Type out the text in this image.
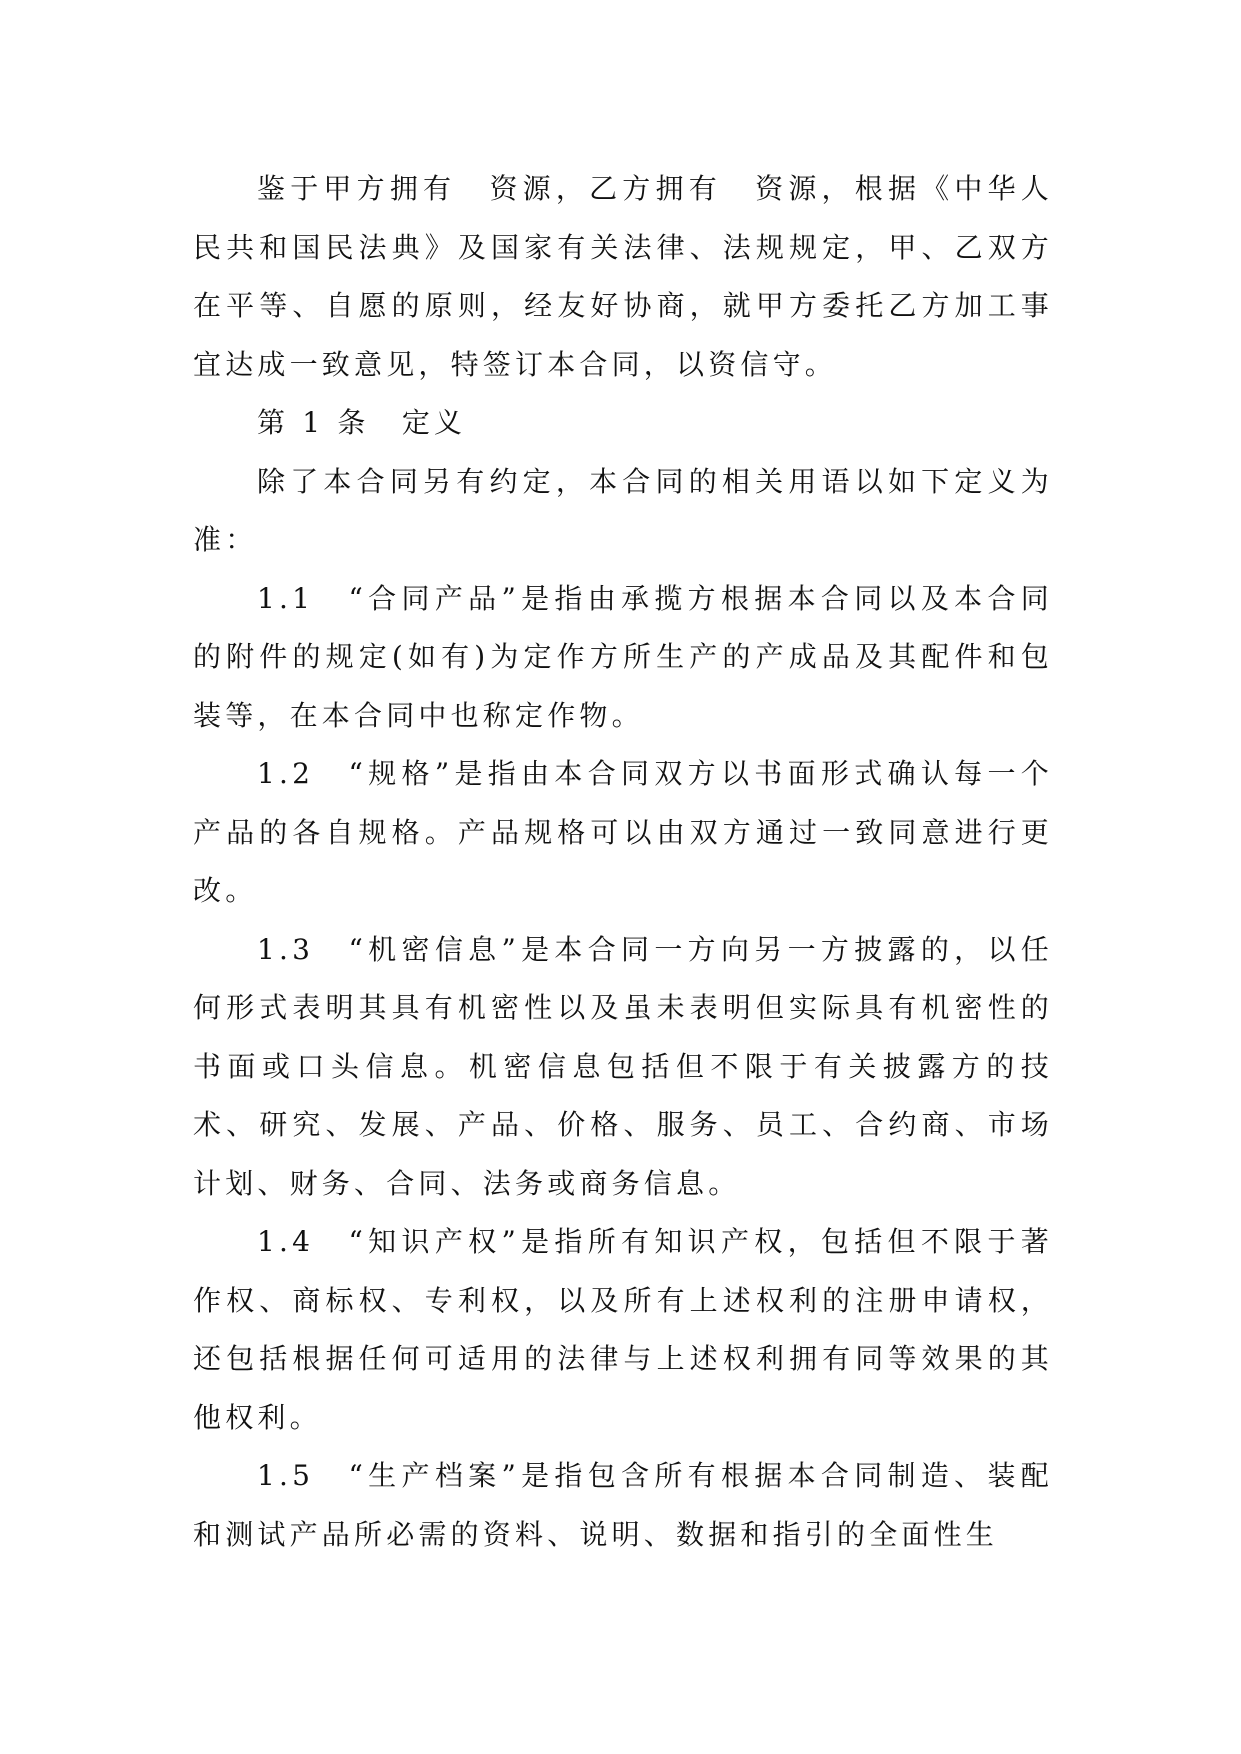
鉴于甲方拥有　资源，乙方拥有　资源，根据《中华人民共和国民法典》及国家有关法律、法规规定，甲、乙双方在平等、自愿的原则，经友好协商，就甲方委托乙方加工事宜达成一致意见，特签订本合同，以资信守。

第 1 条　定义

除了本合同另有约定，本合同的相关用语以如下定义为准：

1.1　“合同产品”是指由承揽方根据本合同以及本合同的附件的规定(如有)为定作方所生产的产成品及其配件和包装等，在本合同中也称定作物。

1.2　“规格”是指由本合同双方以书面形式确认每一个产品的各自规格。产品规格可以由双方通过一致同意进行更改。

1.3　“机密信息”是本合同一方向另一方披露的，以任何形式表明其具有机密性以及虽未表明但实际具有机密性的书面或口头信息。机密信息包括但不限于有关披露方的技术、研究、发展、产品、价格、服务、员工、合约商、市场计划、财务、合同、法务或商务信息。

1.4　“知识产权”是指所有知识产权，包括但不限于著作权、商标权、专利权，以及所有上述权利的注册申请权，还包括根据任何可适用的法律与上述权利拥有同等效果的其他权利。

1.5　“生产档案”是指包含所有根据本合同制造、装配和测试产品所必需的资料、说明、数据和指引的全面性生
